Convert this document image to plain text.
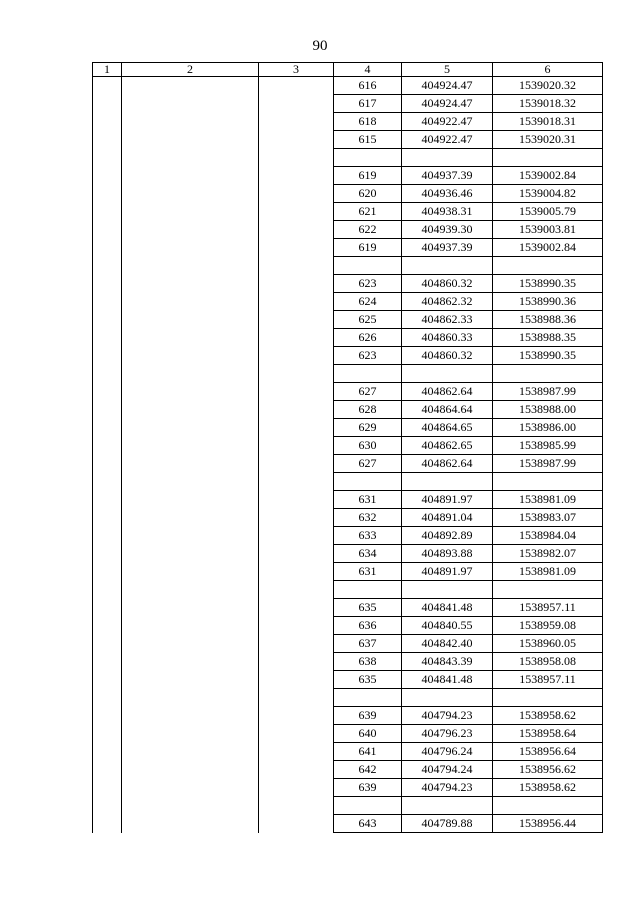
90
1	2	3	4	5	6
			616	404924.47	1539020.32
			617	404924.47	1539018.32
			618	404922.47	1539018.31
			615	404922.47	1539020.31

			619	404937.39	1539002.84
			620	404936.46	1539004.82
			621	404938.31	1539005.79
			622	404939.30	1539003.81
			619	404937.39	1539002.84

			623	404860.32	1538990.35
			624	404862.32	1538990.36
			625	404862.33	1538988.36
			626	404860.33	1538988.35
			623	404860.32	1538990.35

			627	404862.64	1538987.99
			628	404864.64	1538988.00
			629	404864.65	1538986.00
			630	404862.65	1538985.99
			627	404862.64	1538987.99

			631	404891.97	1538981.09
			632	404891.04	1538983.07
			633	404892.89	1538984.04
			634	404893.88	1538982.07
			631	404891.97	1538981.09

			635	404841.48	1538957.11
			636	404840.55	1538959.08
			637	404842.40	1538960.05
			638	404843.39	1538958.08
			635	404841.48	1538957.11

			639	404794.23	1538958.62
			640	404796.23	1538958.64
			641	404796.24	1538956.64
			642	404794.24	1538956.62
			639	404794.23	1538958.62

			643	404789.88	1538956.44
